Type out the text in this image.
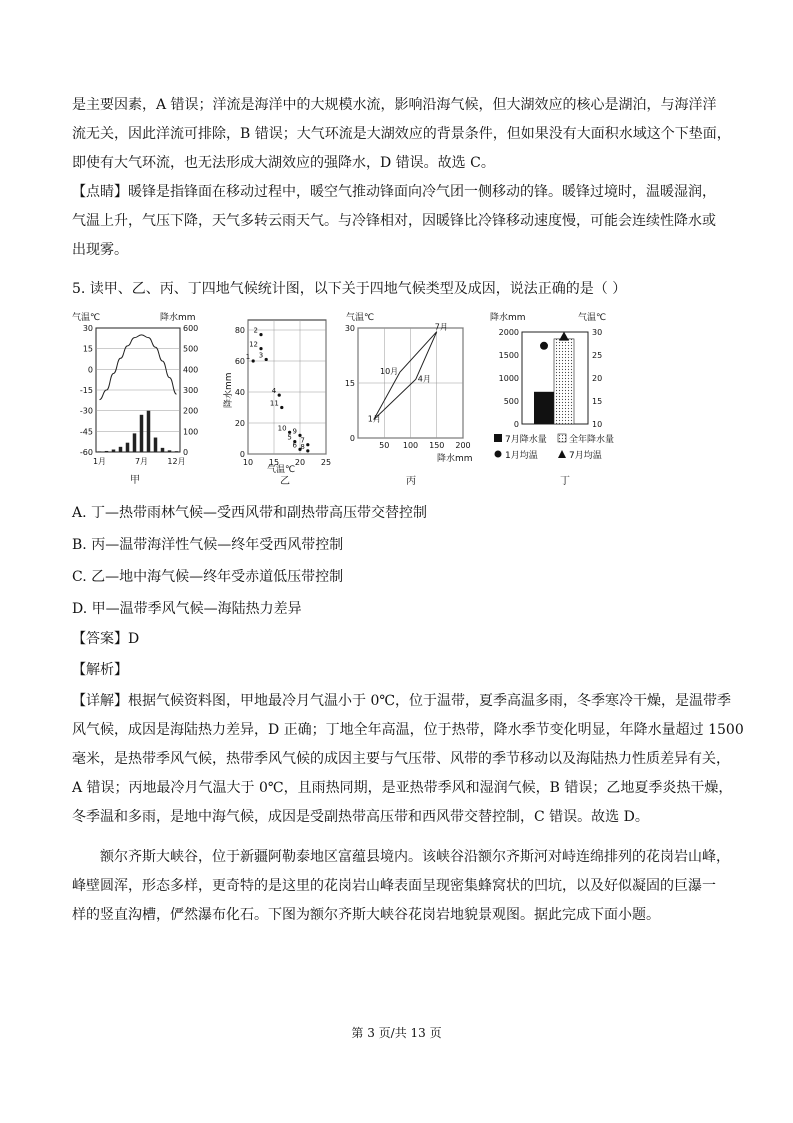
是主要因素，A 错误；洋流是海洋中的大规模水流，影响沿海气候，但大湖效应的核心是湖泊，与海洋洋
流无关，因此洋流可排除，B 错误；大气环流是大湖效应的背景条件，但如果没有大面积水域这个下垫面，
即使有大气环流，也无法形成大湖效应的强降水，D 错误。故选 C。
【点睛】暖锋是指锋面在移动过程中，暖空气推动锋面向冷气团一侧移动的锋。暖锋过境时，温暖湿润，
气温上升，气压下降，天气多转云雨天气。与冷锋相对，因暖锋比冷锋移动速度慢，可能会连续性降水或
出现雾。
5. 读甲、乙、丙、丁四地气候统计图，以下关于四地气候类型及成因，说法正确的是（ ）
气温℃	降水mm
30
15
0
-15
-30
-45
-60
600
500
400
300
200
100
0
1月	7月 12月
甲
降水mm
0
20
40
60
80
10 15 20 25
1
2
12
3
4
11
10 9
5
6
7
8
气温℃
乙
气温℃
0
15
30
50 100 150 200
7月
10月
4月
1月
降水mm
丙
降水mm	气温℃
2000
1500
1000
500
0
30
25
20
15
10
7月降水量 全年降水量
1月均温	7月均温
丁
A. 丁—热带雨林气候—受西风带和副热带高压带交替控制
B. 丙—温带海洋性气候—终年受西风带控制
C. 乙—地中海气候—终年受赤道低压带控制
D. 甲—温带季风气候—海陆热力差异
【答案】D
【解析】
【详解】根据气候资料图，甲地最冷月气温小于 0℃，位于温带，夏季高温多雨，冬季寒冷干燥，是温带季
风气候，成因是海陆热力差异，D 正确；丁地全年高温，位于热带，降水季节变化明显，年降水量超过 1500
毫米，是热带季风气候，热带季风气候的成因主要与气压带、风带的季节移动以及海陆热力性质差异有关，
A 错误；丙地最冷月气温大于 0℃，且雨热同期，是亚热带季风和湿润气候，B 错误；乙地夏季炎热干燥，
冬季温和多雨，是地中海气候，成因是受副热带高压带和西风带交替控制，C 错误。故选 D。
额尔齐斯大峡谷，位于新疆阿勒泰地区富蕴县境内。该峡谷沿额尔齐斯河对峙连绵排列的花岗岩山峰，
峰壁圆浑，形态多样，更奇特的是这里的花岗岩山峰表面呈现密集蜂窝状的凹坑，以及好似凝固的巨瀑一
样的竖直沟槽，俨然瀑布化石。下图为额尔齐斯大峡谷花岗岩地貌景观图。据此完成下面小题。
第 3 页/共 13 页
